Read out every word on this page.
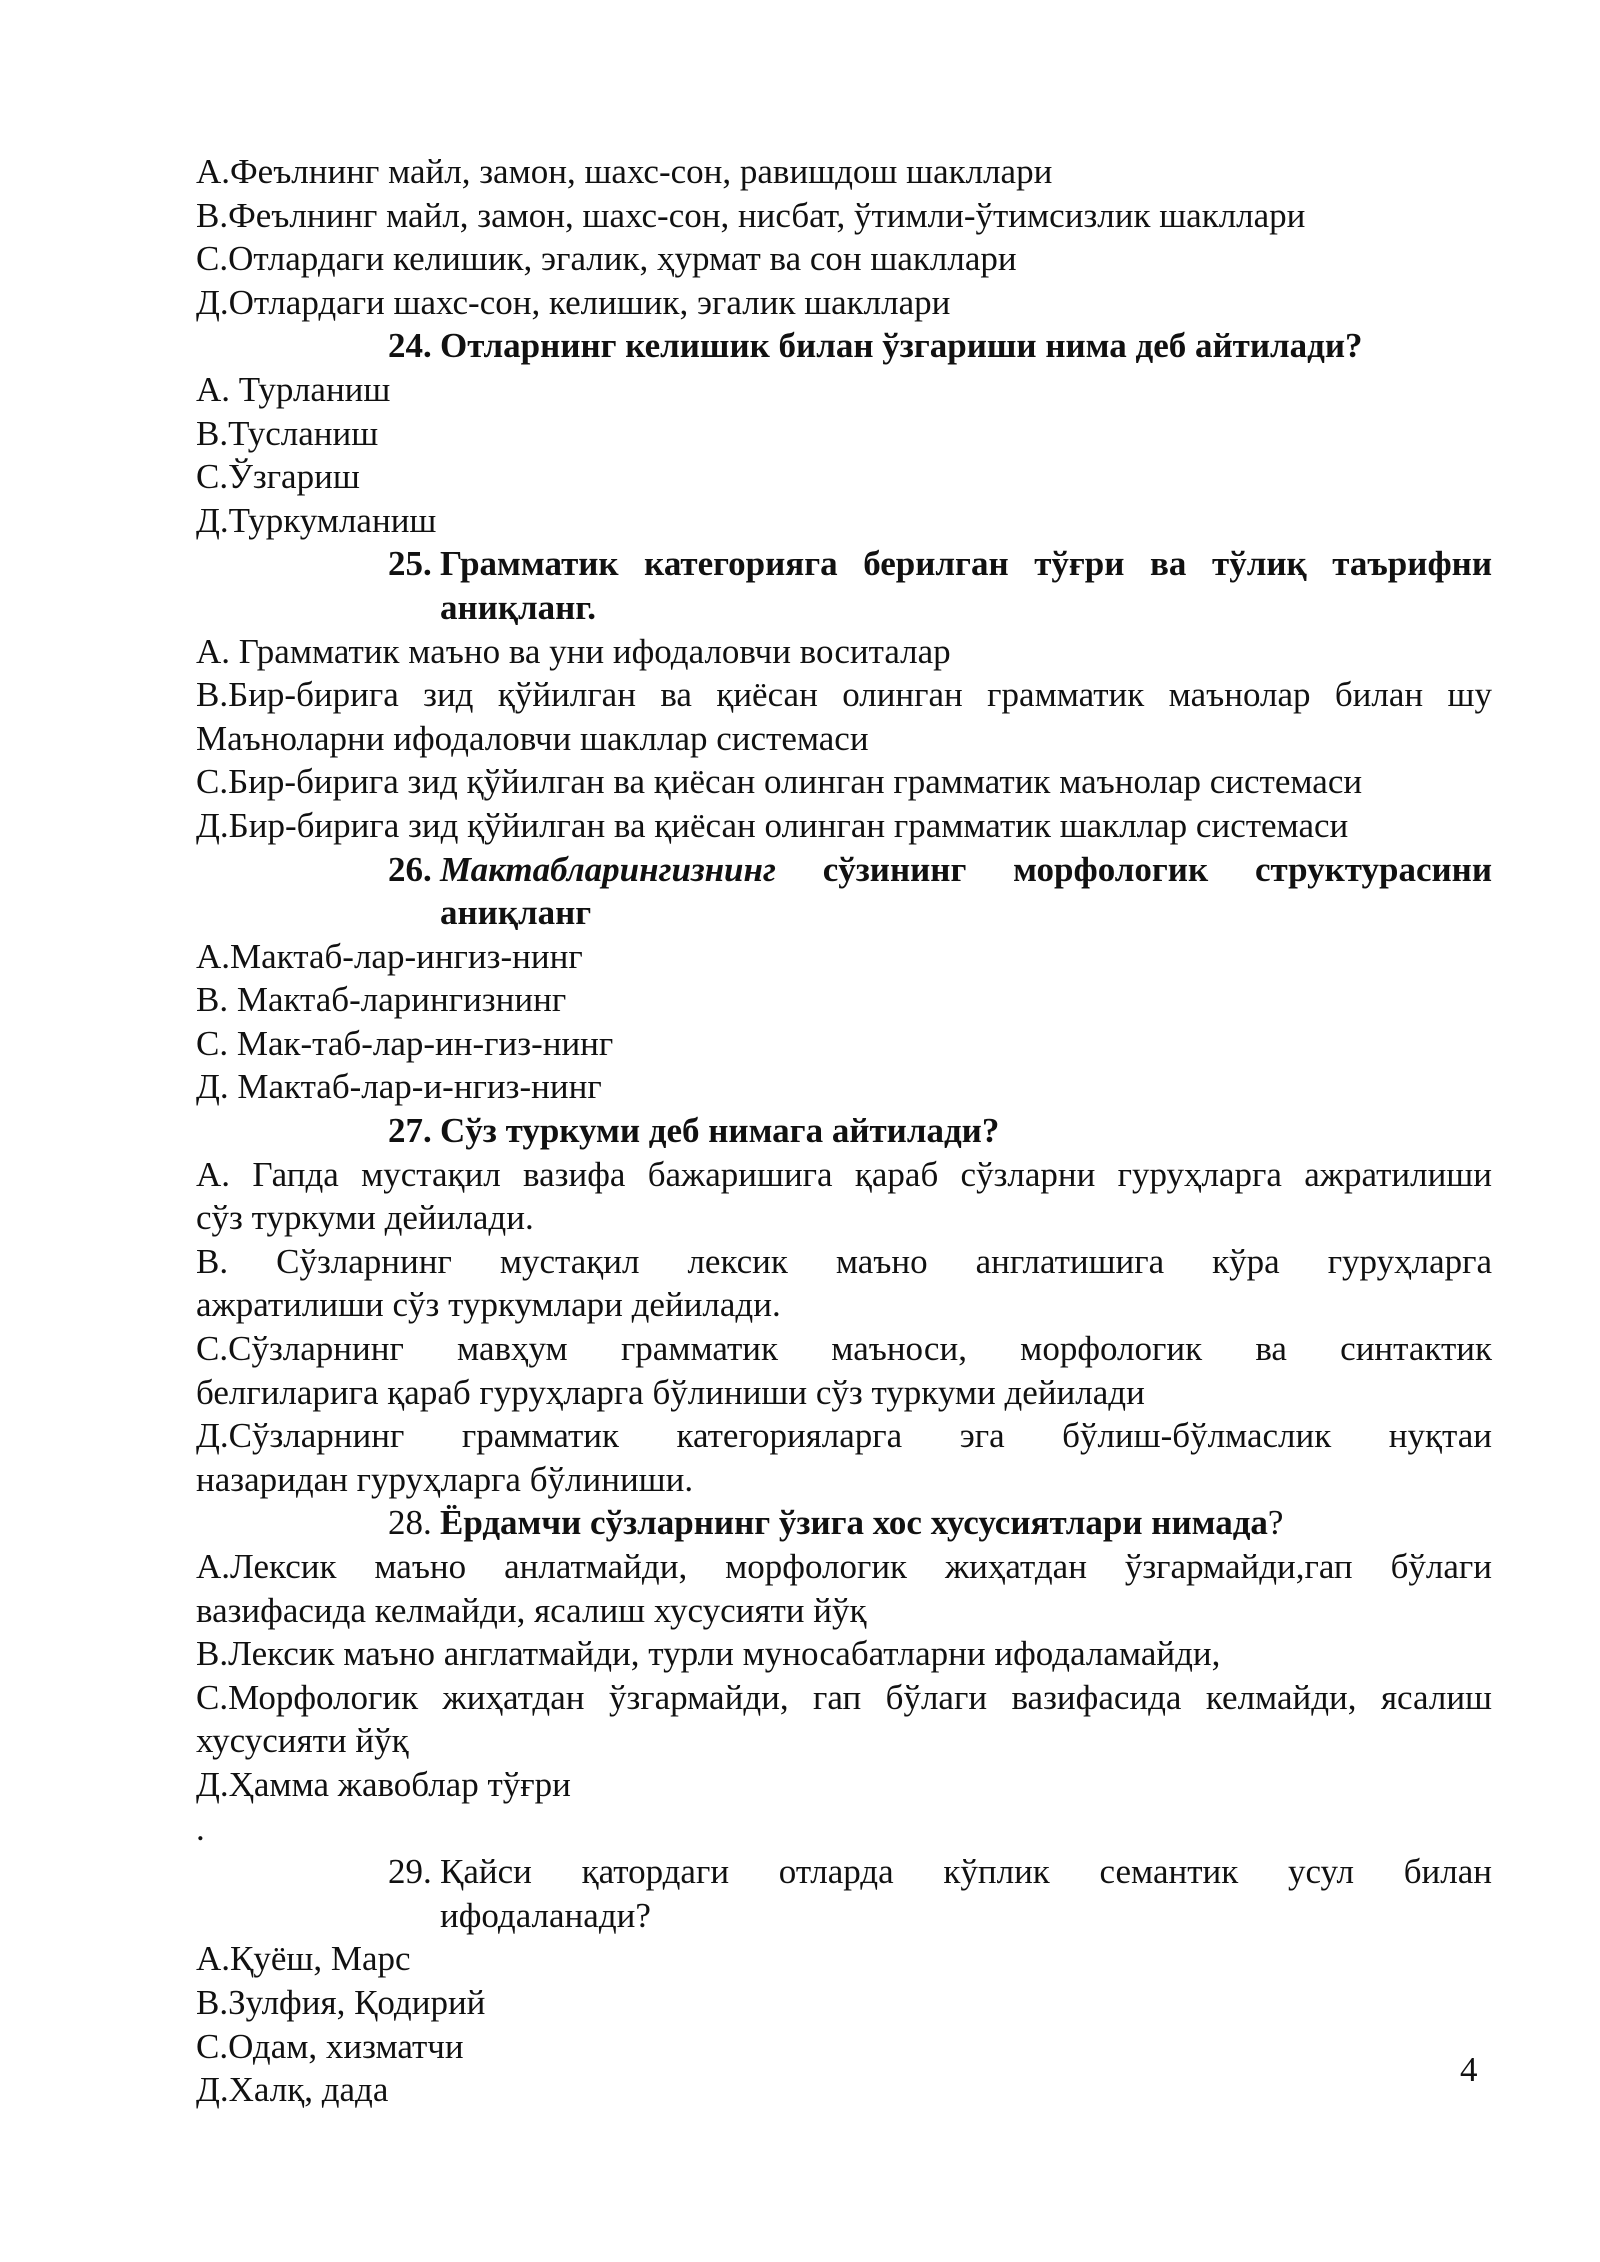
А.Феълнинг майл, замон, шахс-сон, равишдош шакллари
В.Феълнинг майл, замон, шахс-сон, нисбат, ўтимли-ўтимсизлик шакллари
С.Отлардаги келишик, эгалик, ҳурмат ва сон шакллари
Д.Отлардаги шахс-сон, келишик, эгалик шакллари
24. Отларнинг келишик билан ўзгариши нима деб айтилади?
А. Турланиш
В.Тусланиш
С.Ўзгариш
Д.Туркумланиш
25. Грамматик категорияга берилган тўғри ва тўлиқ таърифни
аниқланг.
А. Грамматик маъно ва уни ифодаловчи воситалар
В.Бир-бирига зид қўйилган ва қиёсан олинган грамматик маънолар билан шу
Маъноларни ифодаловчи шакллар системаси
С.Бир-бирига зид қўйилган ва қиёсан олинган грамматик маънолар системаси
Д.Бир-бирига зид қўйилган ва қиёсан олинган грамматик шакллар системаси
26. Мактабларингизнинг сўзининг морфологик структурасини
аниқланг
А.Мактаб-лар-ингиз-нинг
В. Мактаб-ларингизнинг
С. Мак-таб-лар-ин-гиз-нинг
Д. Мактаб-лар-и-нгиз-нинг
27. Сўз туркуми деб нимага айтилади?
А. Гапда мустақил вазифа бажаришига қараб сўзларни гуруҳларга ажратилиши
сўз туркуми дейилади.
В. Сўзларнинг мустақил лексик маъно англатишига кўра гуруҳларга
ажратилиши сўз туркумлари дейилади.
С.Сўзларнинг мавҳум грамматик маъноси, морфологик ва синтактик
белгиларига қараб гуруҳларга бўлиниши сўз туркуми дейилади
Д.Сўзларнинг грамматик категорияларга эга бўлиш-бўлмаслик нуқтаи
назаридан гуруҳларга бўлиниши.
28. Ёрдамчи сўзларнинг ўзига хос хусусиятлари нимада?
А.Лексик маъно анлатмайди, морфологик жиҳатдан ўзгармайди,гап бўлаги
вазифасида келмайди, ясалиш хусусияти йўқ
В.Лексик маъно англатмайди, турли муносабатларни ифодаламайди,
С.Морфологик жиҳатдан ўзгармайди, гап бўлаги вазифасида келмайди, ясалиш
хусусияти йўқ
Д.Ҳамма жавоблар тўғри
.
29. Қайси қатордаги отларда кўплик семантик усул билан
ифодаланади?
А.Қуёш, Марс
В.Зулфия, Қодирий
С.Одам, хизматчи
Д.Халқ, дада
4
